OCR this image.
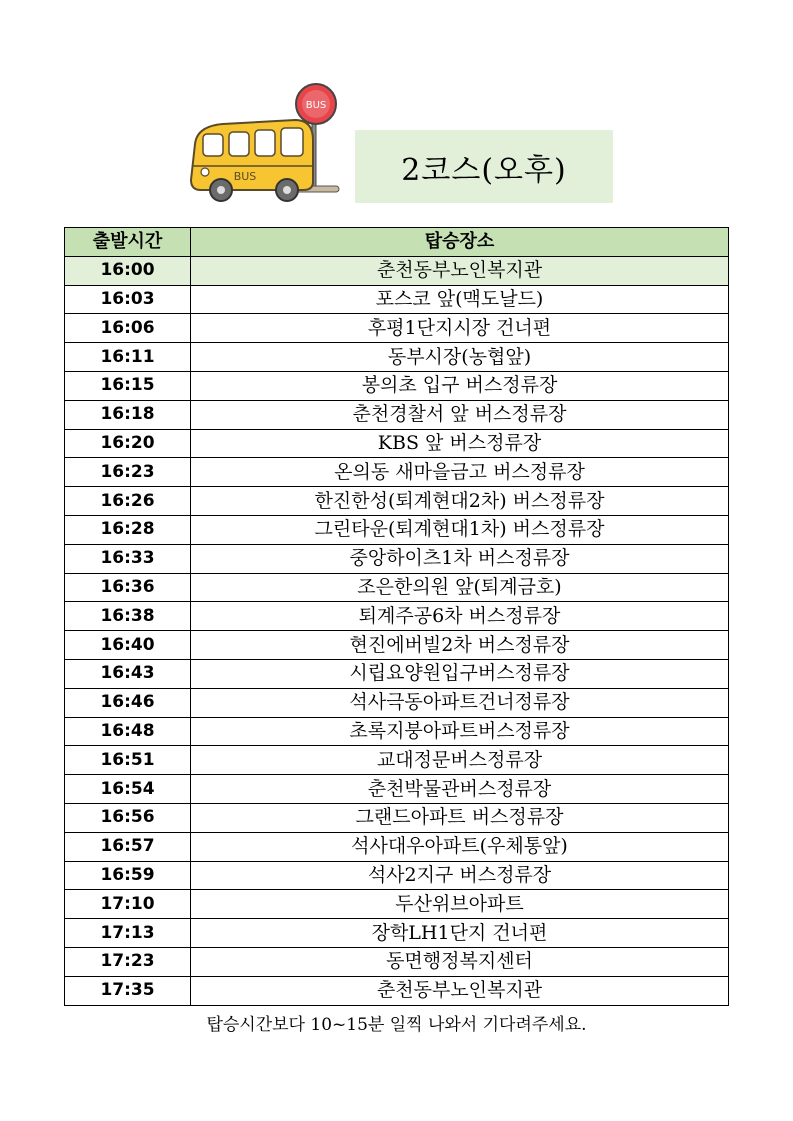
BUS
BUS	2코스(오후)
출발시간	탑승장소
16:00	춘천동부노인복지관
16:03	포스코 앞(맥도날드)
16:06	후평1단지시장 건너편
16:11	동부시장(농협앞)
16:15	봉의초 입구 버스정류장
16:18	춘천경찰서 앞 버스정류장
16:20	KBS 앞 버스정류장
16:23	온의동 새마을금고 버스정류장
16:26	한진한성(퇴계현대2차) 버스정류장
16:28	그린타운(퇴계현대1차) 버스정류장
16:33	중앙하이츠1차 버스정류장
16:36	조은한의원 앞(퇴계금호)
16:38	퇴계주공6차 버스정류장
16:40	현진에버빌2차 버스정류장
16:43	시립요양원입구버스정류장
16:46	석사극동아파트건너정류장
16:48	초록지붕아파트버스정류장
16:51	교대정문버스정류장
16:54	춘천박물관버스정류장
16:56	그랜드아파트 버스정류장
16:57	석사대우아파트(우체통앞)
16:59	석사2지구 버스정류장
17:10	두산위브아파트
17:13	장학LH1단지 건너편
17:23	동면행정복지센터
17:35	춘천동부노인복지관
탑승시간보다 10~15분 일찍 나와서 기다려주세요.
